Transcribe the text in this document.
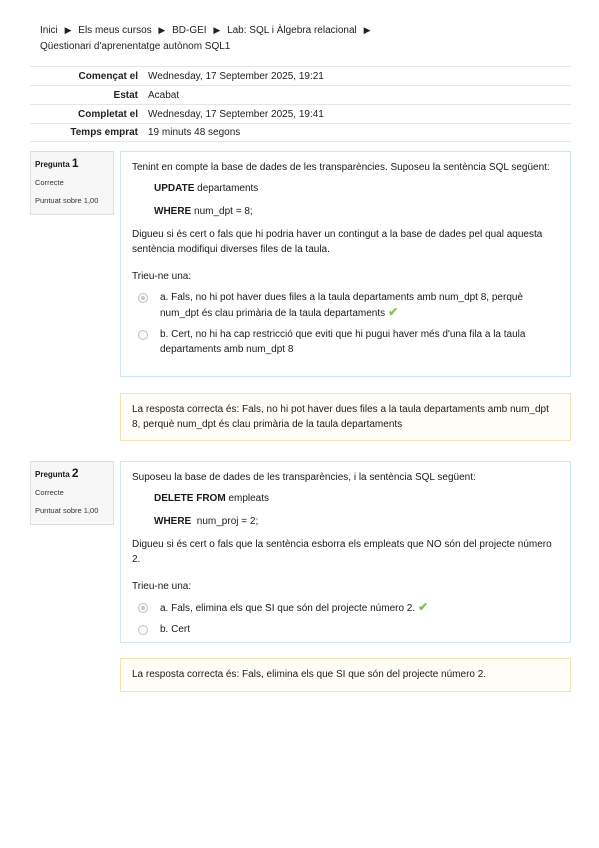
Inici ▶ Els meus cursos ▶ BD-GEI ▶ Lab: SQL i Àlgebra relacional ▶
Qüestionari d'aprenentatge autònom SQL1
Començat el	Wednesday, 17 September 2025, 19:21
Estat	Acabat
Completat el	Wednesday, 17 September 2025, 19:41
Temps emprat	19 minuts 48 segons
Pregunta 1
Correcte
Puntuat sobre 1,00

Tenint en compte la base de dades de les transparències. Suposeu la sentència SQL següent:

UPDATE departaments
WHERE num_dpt = 8;

Digueu si és cert o fals que hi podria haver un contingut a la base de dades pel qual aquesta sentència modifiqui diverses files de la taula.

Trieu-ne una:

a. Fals, no hi pot haver dues files a la taula departaments amb num_dpt 8, perquè num_dpt és clau primària de la taula departaments ✔
b. Cert, no hi ha cap restricció que eviti que hi pugui haver més d'una fila a la taula departaments amb num_dpt 8
La resposta correcta és: Fals, no hi pot haver dues files a la taula departaments amb num_dpt 8, perquè num_dpt és clau primària de la taula departaments
Pregunta 2
Correcte
Puntuat sobre 1,00

Suposeu la base de dades de les transparències, i la sentència SQL següent:

DELETE FROM empleats
WHERE  num_proj = 2;

Digueu si és cert o fals que la sentència esborra els empleats que NO són del projecte número 2.

Trieu-ne una:

a. Fals, elimina els que SI que són del projecte número 2. ✔
b. Cert
La resposta correcta és: Fals, elimina els que SI que són del projecte número 2.
